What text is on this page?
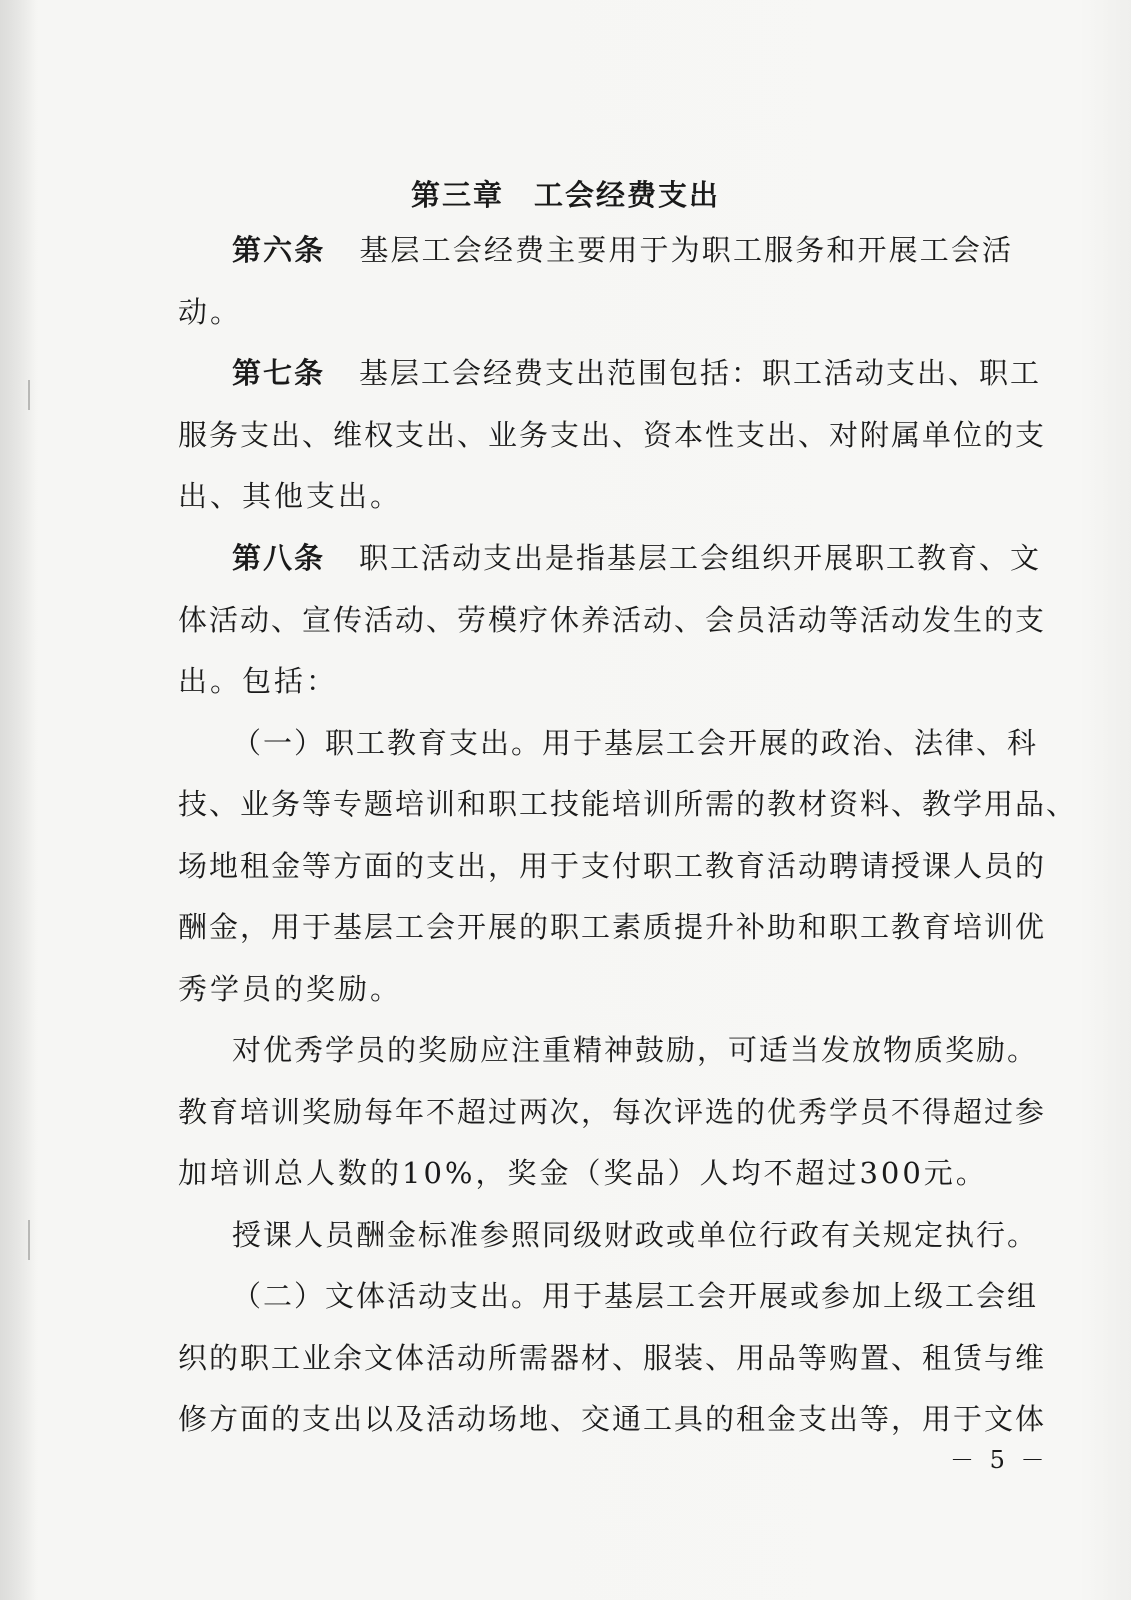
第三章 工会经费支出
第六条 基层工会经费主要用于为职工服务和开展工会活
动。
第七条 基层工会经费支出范围包括：职工活动支出、职工
服务支出、维权支出、业务支出、资本性支出、对附属单位的支
出、其他支出。
第八条 职工活动支出是指基层工会组织开展职工教育、文
体活动、宣传活动、劳模疗休养活动、会员活动等活动发生的支
出。包括：
（一）职工教育支出。用于基层工会开展的政治、法律、科
技、业务等专题培训和职工技能培训所需的教材资料、教学用品、
场地租金等方面的支出，用于支付职工教育活动聘请授课人员的
酬金，用于基层工会开展的职工素质提升补助和职工教育培训优
秀学员的奖励。
对优秀学员的奖励应注重精神鼓励，可适当发放物质奖励。
教育培训奖励每年不超过两次，每次评选的优秀学员不得超过参
加培训总人数的10%，奖金（奖品）人均不超过300元。
授课人员酬金标准参照同级财政或单位行政有关规定执行。
（二）文体活动支出。用于基层工会开展或参加上级工会组
织的职工业余文体活动所需器材、服装、用品等购置、租赁与维
修方面的支出以及活动场地、交通工具的租金支出等，用于文体
－ 5 －
